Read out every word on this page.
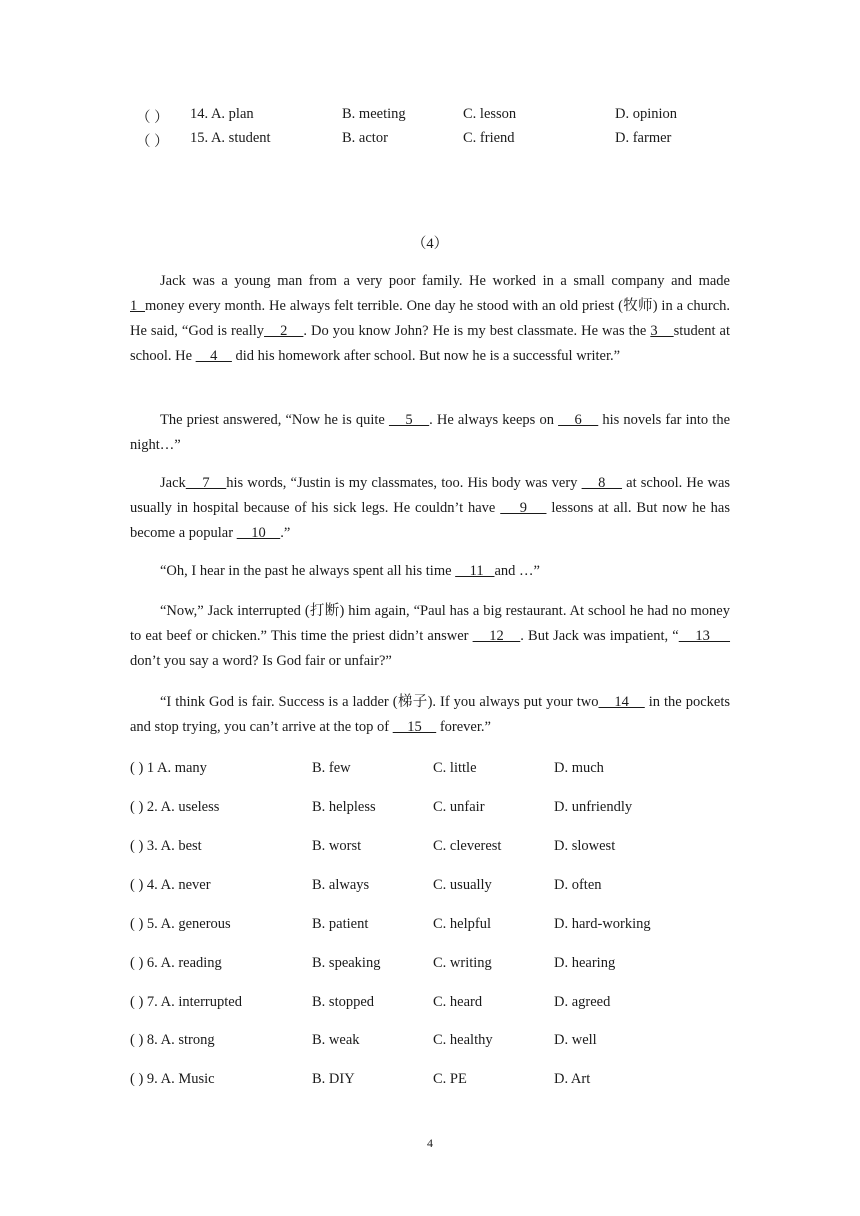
（ ） 14. A. plan	B. meeting	C. lesson	D. opinion
（ ） 15. A. student	B. actor	C. friend	D. farmer
（4）

Jack was a young man from a very poor family. He worked in a small company and made 1  money every month. He always felt terrible. One day he stood with an old priest (牧师) in a church. He said, “God is really    2    . Do you know John? He is my best classmate. He was the 3    student at school. He     4     did his homework after school. But now he is a successful writer.”

The priest answered, “Now he is quite     5    . He always keeps on     6     his novels far into the night…”

Jack    7    his words, “Justin is my classmates, too. His body was very     8     at school. He was usually in hospital because of his sick legs. He couldn’t have     9     lessons at all. But now he has become a popular     10    .”

“Oh, I hear in the past he always spent all his time     11   and …”

“Now,” Jack interrupted (打断) him again, “Paul has a big restaurant. At school he had no money to eat beef or chicken.” This time the priest didn’t answer     12    . But Jack was impatient, “    13      don’t you say a word? Is God fair or unfair?”

“I think God is fair. Success is a ladder (梯子). If you always put your two    14     in the pockets and stop trying, you can’t arrive at the top of     15     forever.”

( ) 1 A. many	B. few	C. little	D. much
( ) 2. A. useless	B. helpless	C. unfair	D. unfriendly
( ) 3. A. best	B. worst	C. cleverest	D. slowest
( ) 4. A. never	B. always	C. usually	D. often
( ) 5. A. generous	B. patient	C. helpful	D. hard-working
( ) 6. A. reading	B. speaking	C. writing	D. hearing
( ) 7. A. interrupted	B. stopped	C. heard	D. agreed
( ) 8. A. strong	B. weak	C. healthy	D. well
( ) 9. A. Music	B. DIY	C. PE	D. Art
4
